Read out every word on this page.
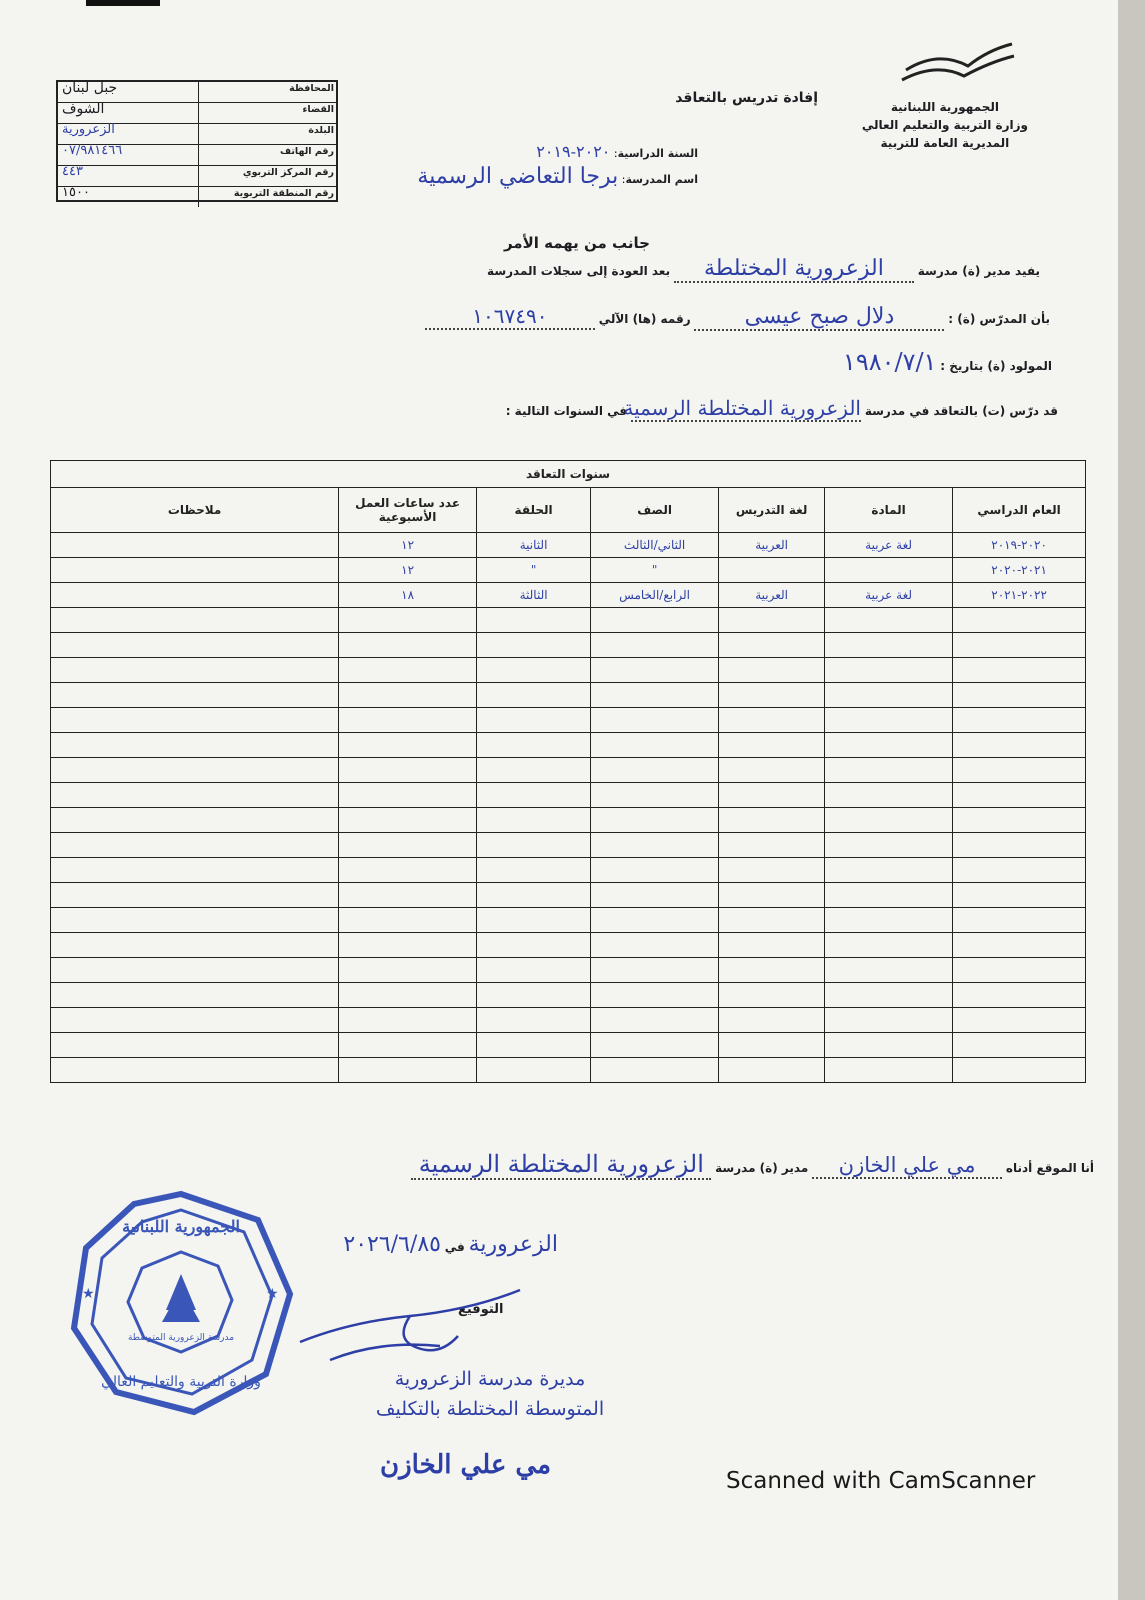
الجمهورية اللبنانية
وزارة التربية والتعليم العالي
المديرية العامة للتربية
إفادة تدريس بالتعاقد
السنة الدراسية: ٢٠٢٠-٢٠١٩
اسم المدرسة: برجا التعاضي الرسمية
المحافظة
جبل لبنان
القضاء
الشوف
البلدة
الزعرورية
رقم الهاتف
٠٧/٩٨١٤٦٦
رقم المركز التربوي
٤٤٣
رقم المنطقة التربوية
١٥٠٠
جانب من يهمه الأمر
يفيد مدير (ة) مدرسة الزعرورية المختلطة بعد العودة إلى سجلات المدرسة
بأن المدرّس (ة) : دلال صبح عيسى رقمه (ها) الآلي ١٠٦٧٤٩٠
المولود (ة) بتاريخ : ١٩٨٠/٧/١
قد درّس (ت) بالتعاقد في مدرسة الزعرورية المختلطة الرسمية في السنوات التالية :
سنوات التعاقد						
العام الدراسي	المادة	لغة التدريس	الصف	الحلقة	عدد ساعات العمل الأسبوعية	ملاحظات
٢٠٢٠-٢٠١٩	لغة عربية	العربية	الثاني/الثالث	الثانية	١٢	
٢٠٢١-٢٠٢٠			"	"	١٢	
٢٠٢٢-٢٠٢١	لغة عربية	العربية	الرابع/الخامس	الثالثة	١٨	

أنا الموقع أدناه مي علي الخازن مدير (ة) مدرسة الزعرورية المختلطة الرسمية
الزعرورية في ٢٠٢٦/٦/٨٥
التوقيع
الجمهورية اللبنانية
وزارة التربية والتعليم العالي
مدرسة الزعرورية المتوسطة
★	★
مديرة مدرسة الزعرورية
المتوسطة المختلطة بالتكليف
مي علي الخازن
Scanned with CamScanner
